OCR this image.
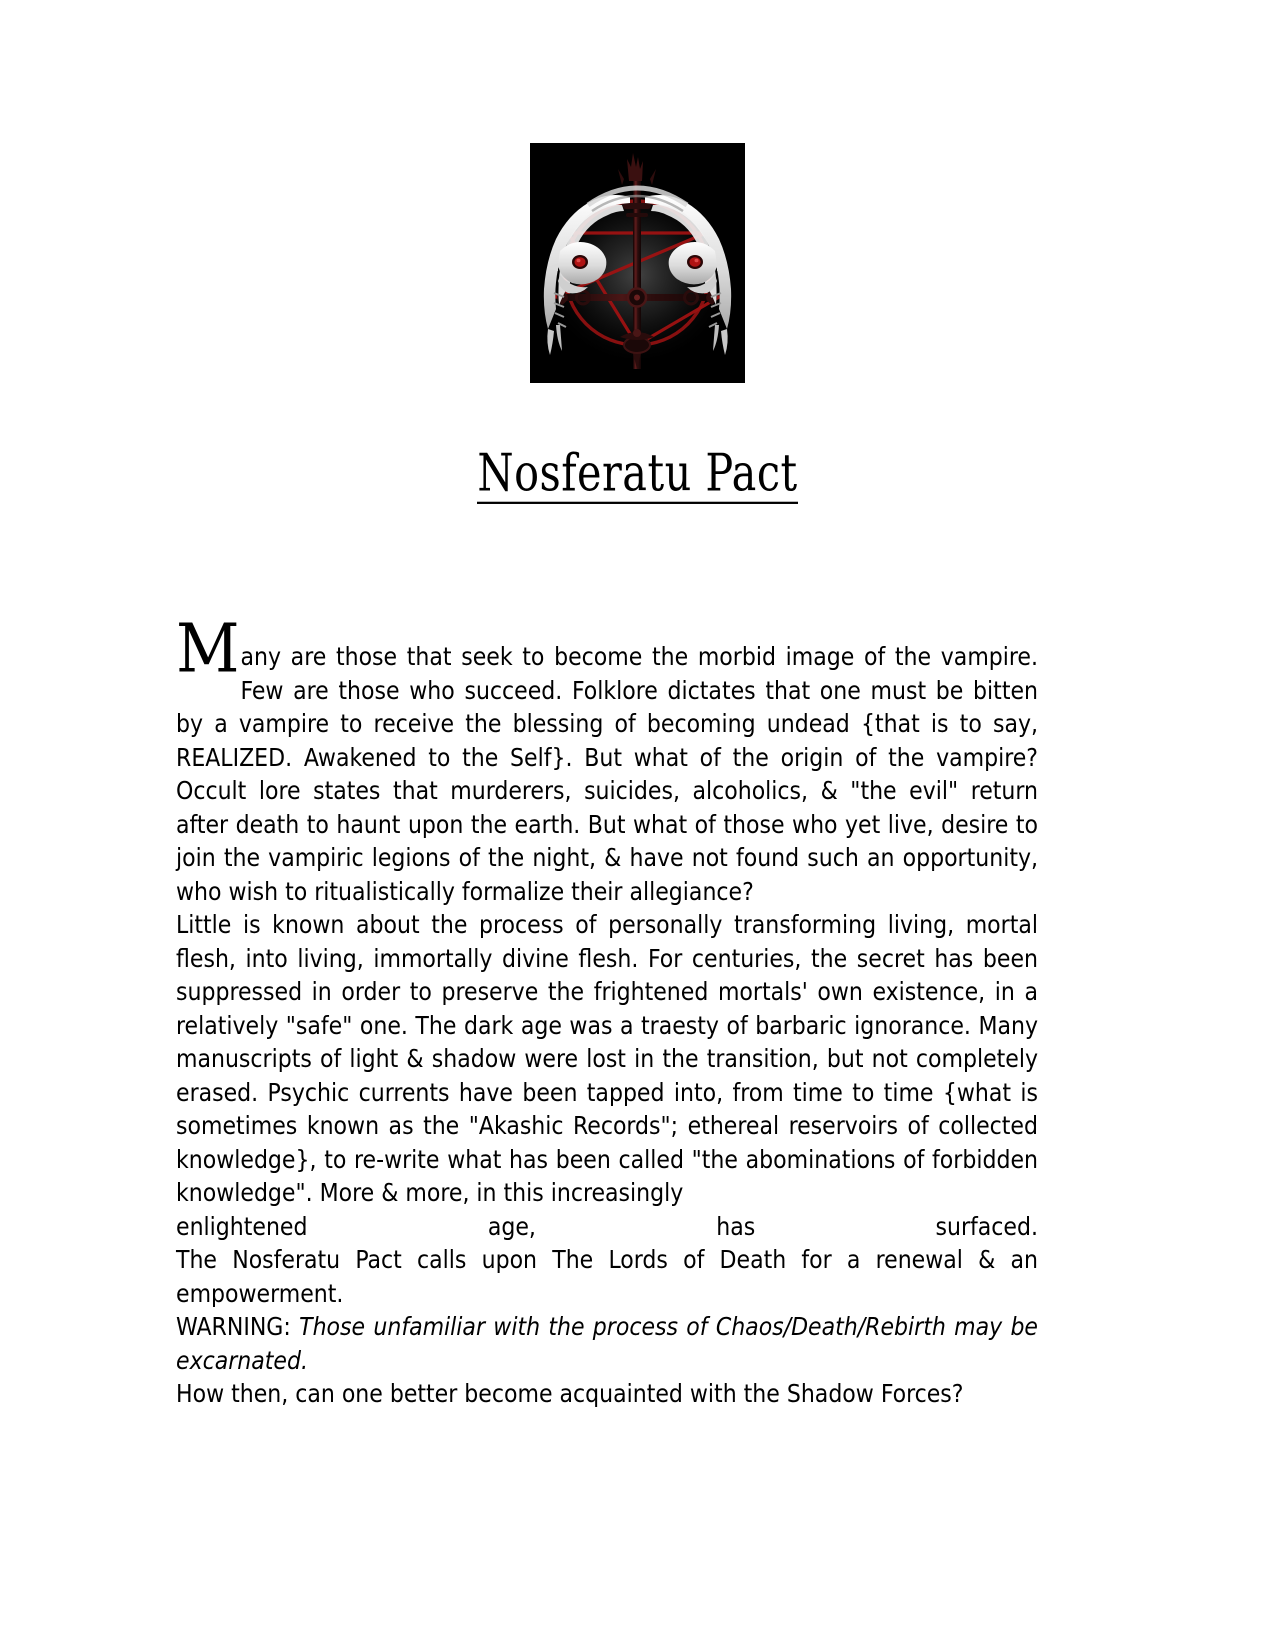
Nosferatu Pact

Many are those that seek to become the morbid image of the vampire. Few are those who succeed. Folklore dictates that one must be bitten by a vampire to receive the blessing of becoming undead {that is to say, REALIZED. Awakened to the Self}. But what of the origin of the vampire? Occult lore states that murderers, suicides, alcoholics, & "the evil" return after death to haunt upon the earth. But what of those who yet live, desire to join the vampiric legions of the night, & have not found such an opportunity, who wish to ritualistically formalize their allegiance?

Little is known about the process of personally transforming living, mortal flesh, into living, immortally divine flesh. For centuries, the secret has been suppressed in order to preserve the frightened mortals' own existence, in a relatively "safe" one. The dark age was a traesty of barbaric ignorance. Many manuscripts of light & shadow were lost in the transition, but not completely erased. Psychic currents have been tapped into, from time to time {what is sometimes known as the "Akashic Records"; ethereal reservoirs of collected knowledge}, to re-write what has been called "the abominations of forbidden knowledge". More & more, in this increasingly

enlightened	age,	has	surfaced.

The Nosferatu Pact calls upon The Lords of Death for a renewal & an empowerment.

WARNING: Those unfamiliar with the process of Chaos/Death/Rebirth may be excarnated.

How then, can one better become acquainted with the Shadow Forces?
